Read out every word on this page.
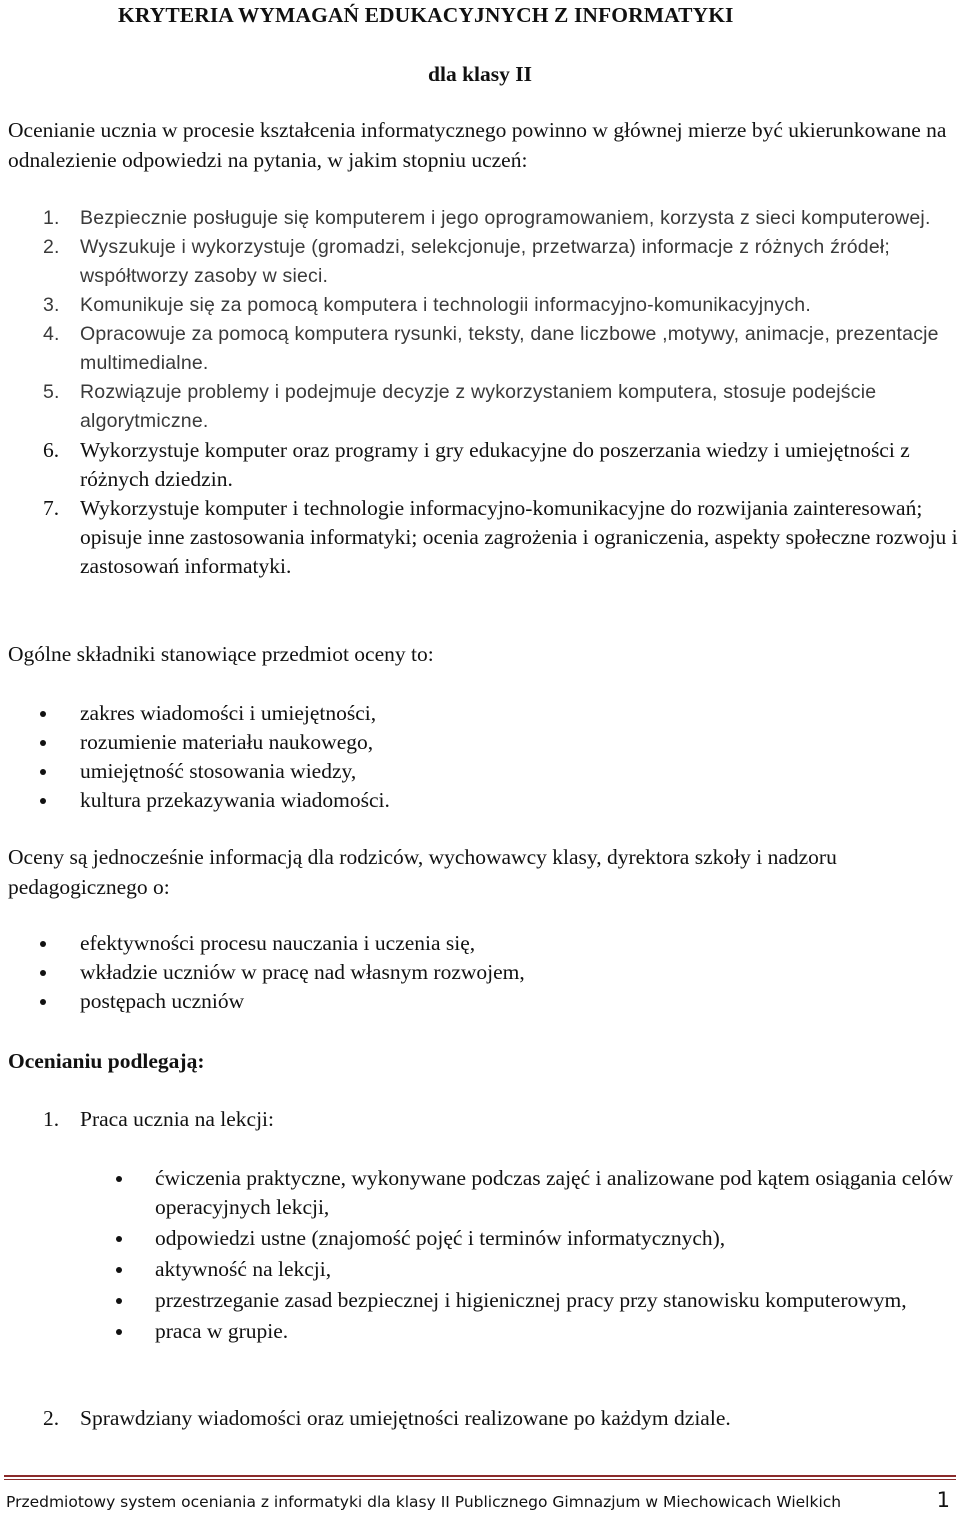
KRYTERIA WYMAGAŃ EDUKACYJNYCH Z INFORMATYKI
dla klasy II
Ocenianie ucznia w procesie kształcenia informatycznego powinno w głównej mierze być ukierunkowane na odnalezienie odpowiedzi na pytania, w jakim stopniu uczeń:
1. Bezpiecznie posługuje się komputerem i jego oprogramowaniem, korzysta z sieci komputerowej.
2. Wyszukuje i wykorzystuje (gromadzi, selekcjonuje, przetwarza) informacje z różnych źródeł; współtworzy zasoby w sieci.
3. Komunikuje się za pomocą komputera i technologii informacyjno-komunikacyjnych.
4. Opracowuje za pomocą komputera rysunki, teksty, dane liczbowe ,motywy, animacje, prezentacje multimedialne.
5. Rozwiązuje problemy i podejmuje decyzje z wykorzystaniem komputera, stosuje podejście algorytmiczne.
6. Wykorzystuje komputer oraz programy i gry edukacyjne do poszerzania wiedzy i umiejętności z różnych dziedzin.
7. Wykorzystuje komputer i technologie informacyjno-komunikacyjne do rozwijania zainteresowań; opisuje inne zastosowania informatyki; ocenia zagrożenia i ograniczenia, aspekty społeczne rozwoju i zastosowań informatyki.
Ogólne składniki stanowiące przedmiot oceny to:
zakres wiadomości i umiejętności,
rozumienie materiału naukowego,
umiejętność stosowania wiedzy,
kultura przekazywania wiadomości.
Oceny są jednocześnie informacją dla rodziców, wychowawcy klasy, dyrektora szkoły i nadzoru pedagogicznego o:
efektywności procesu nauczania i uczenia się,
wkładzie uczniów w pracę nad własnym rozwojem,
postępach uczniów
Ocenianiu podlegają:
1. Praca ucznia na lekcji:
ćwiczenia praktyczne, wykonywane podczas zajęć i analizowane pod kątem osiągania celów operacyjnych lekcji,
odpowiedzi ustne (znajomość pojęć i terminów informatycznych),
aktywność na lekcji,
przestrzeganie zasad bezpiecznej i higienicznej pracy przy stanowisku komputerowym,
praca w grupie.
2. Sprawdziany wiadomości oraz umiejętności realizowane po każdym dziale.
Przedmiotowy system oceniania z informatyki dla klasy II Publicznego Gimnazjum w Miechowicach Wielkich	1
